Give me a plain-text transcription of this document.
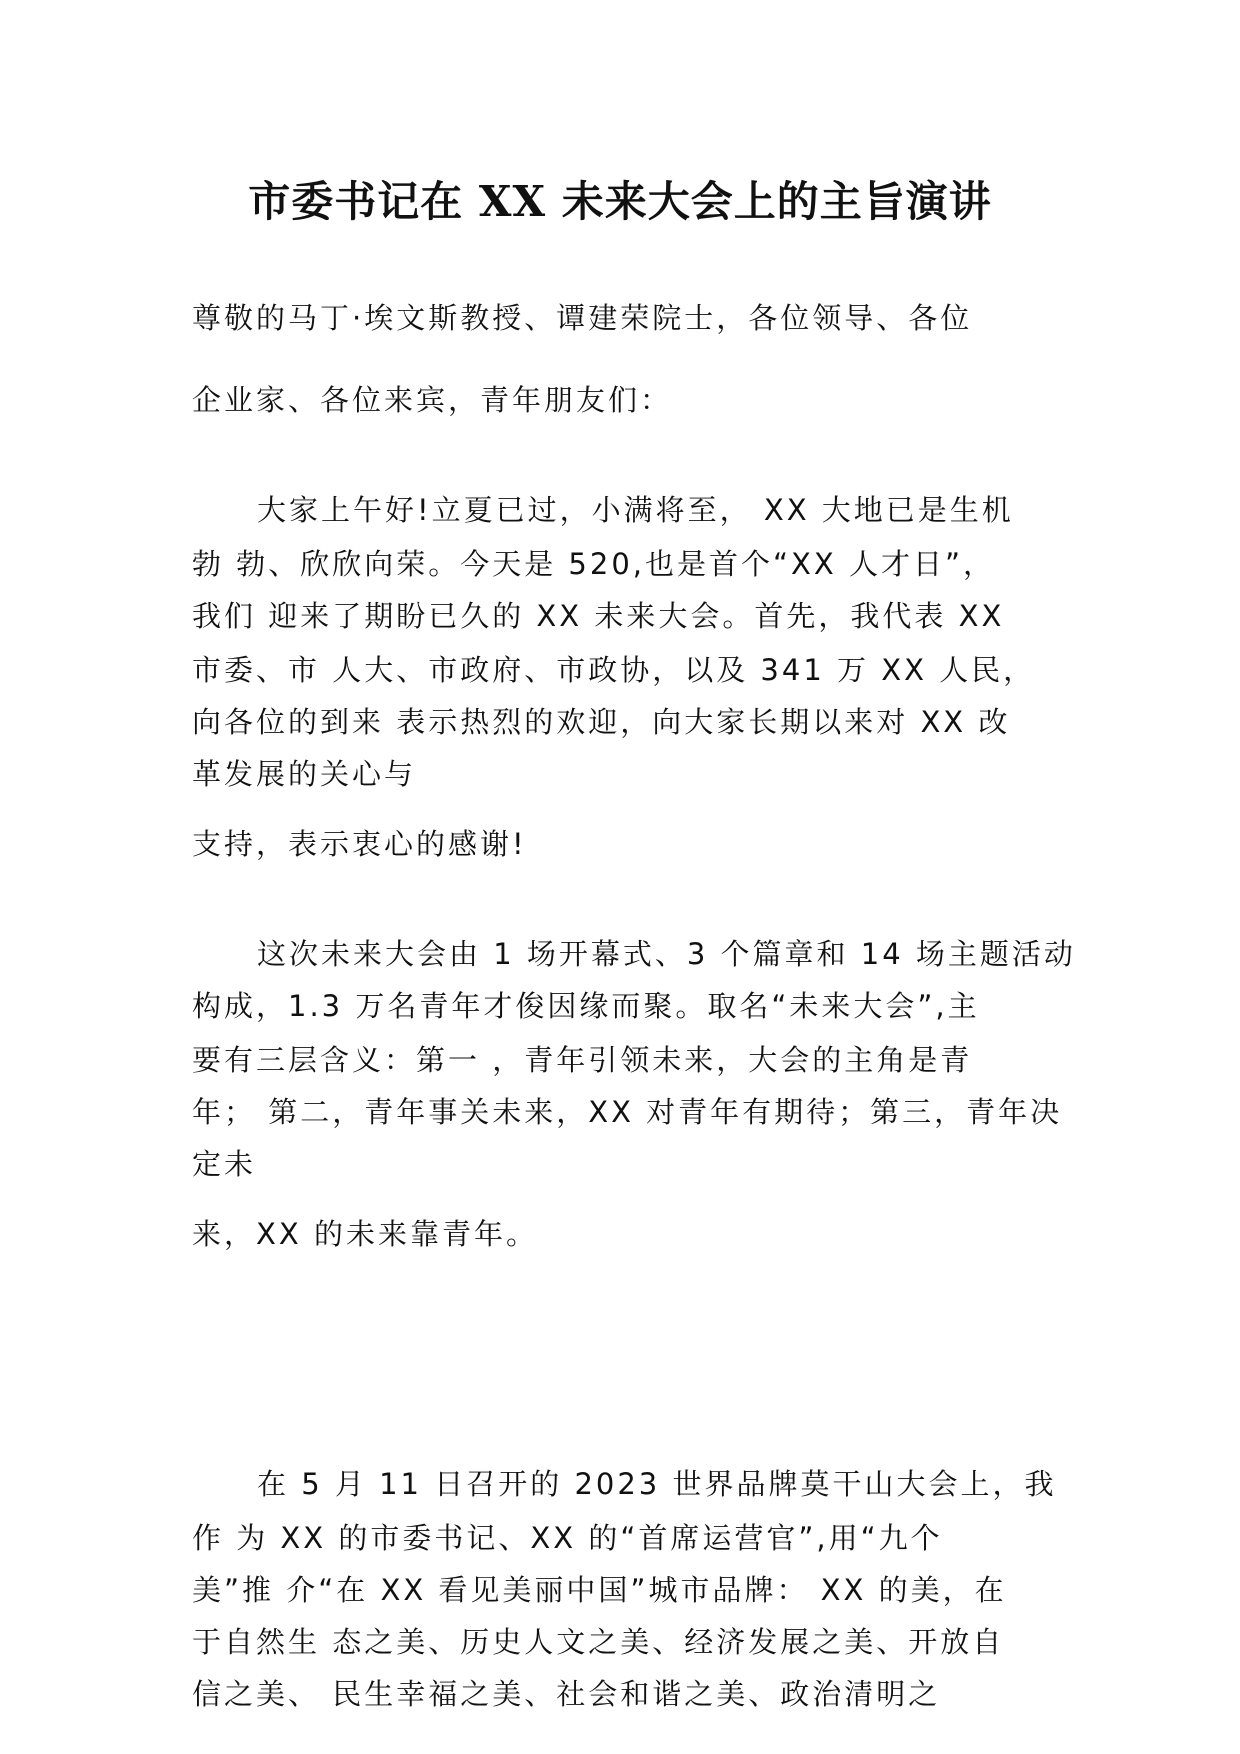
市委书记在 XX 未来大会上的主旨演讲

尊敬的马丁·埃文斯教授、谭建荣院士，各位领导、各位

企业家、各位来宾，青年朋友们：

大家上午好!立夏已过，小满将至， XX 大地已是生机

勃 勃、欣欣向荣。今天是 520,也是首个“XX 人才日”，

我们 迎来了期盼已久的 XX 未来大会。首先，我代表 XX

市委、市 人大、市政府、市政协，以及 341 万 XX 人民，

向各位的到来 表示热烈的欢迎，向大家长期以来对 XX 改

革发展的关心与

支持，表示衷心的感谢!

这次未来大会由 1 场开幕式、3 个篇章和 14 场主题活动

构成，1.3 万名青年才俊因缘而聚。取名“未来大会”,主

要有三层含义：第一 ，青年引领未来，大会的主角是青

年； 第二，青年事关未来，XX 对青年有期待；第三，青年决

定未

来，XX 的未来靠青年。

在 5 月 11 日召开的 2023 世界品牌莫干山大会上，我

作 为 XX 的市委书记、XX 的“首席运营官”,用“九个

美”推 介“在 XX 看见美丽中国”城市品牌： XX 的美，在

于自然生 态之美、历史人文之美、经济发展之美、开放自

信之美、 民生幸福之美、社会和谐之美、政治清明之
